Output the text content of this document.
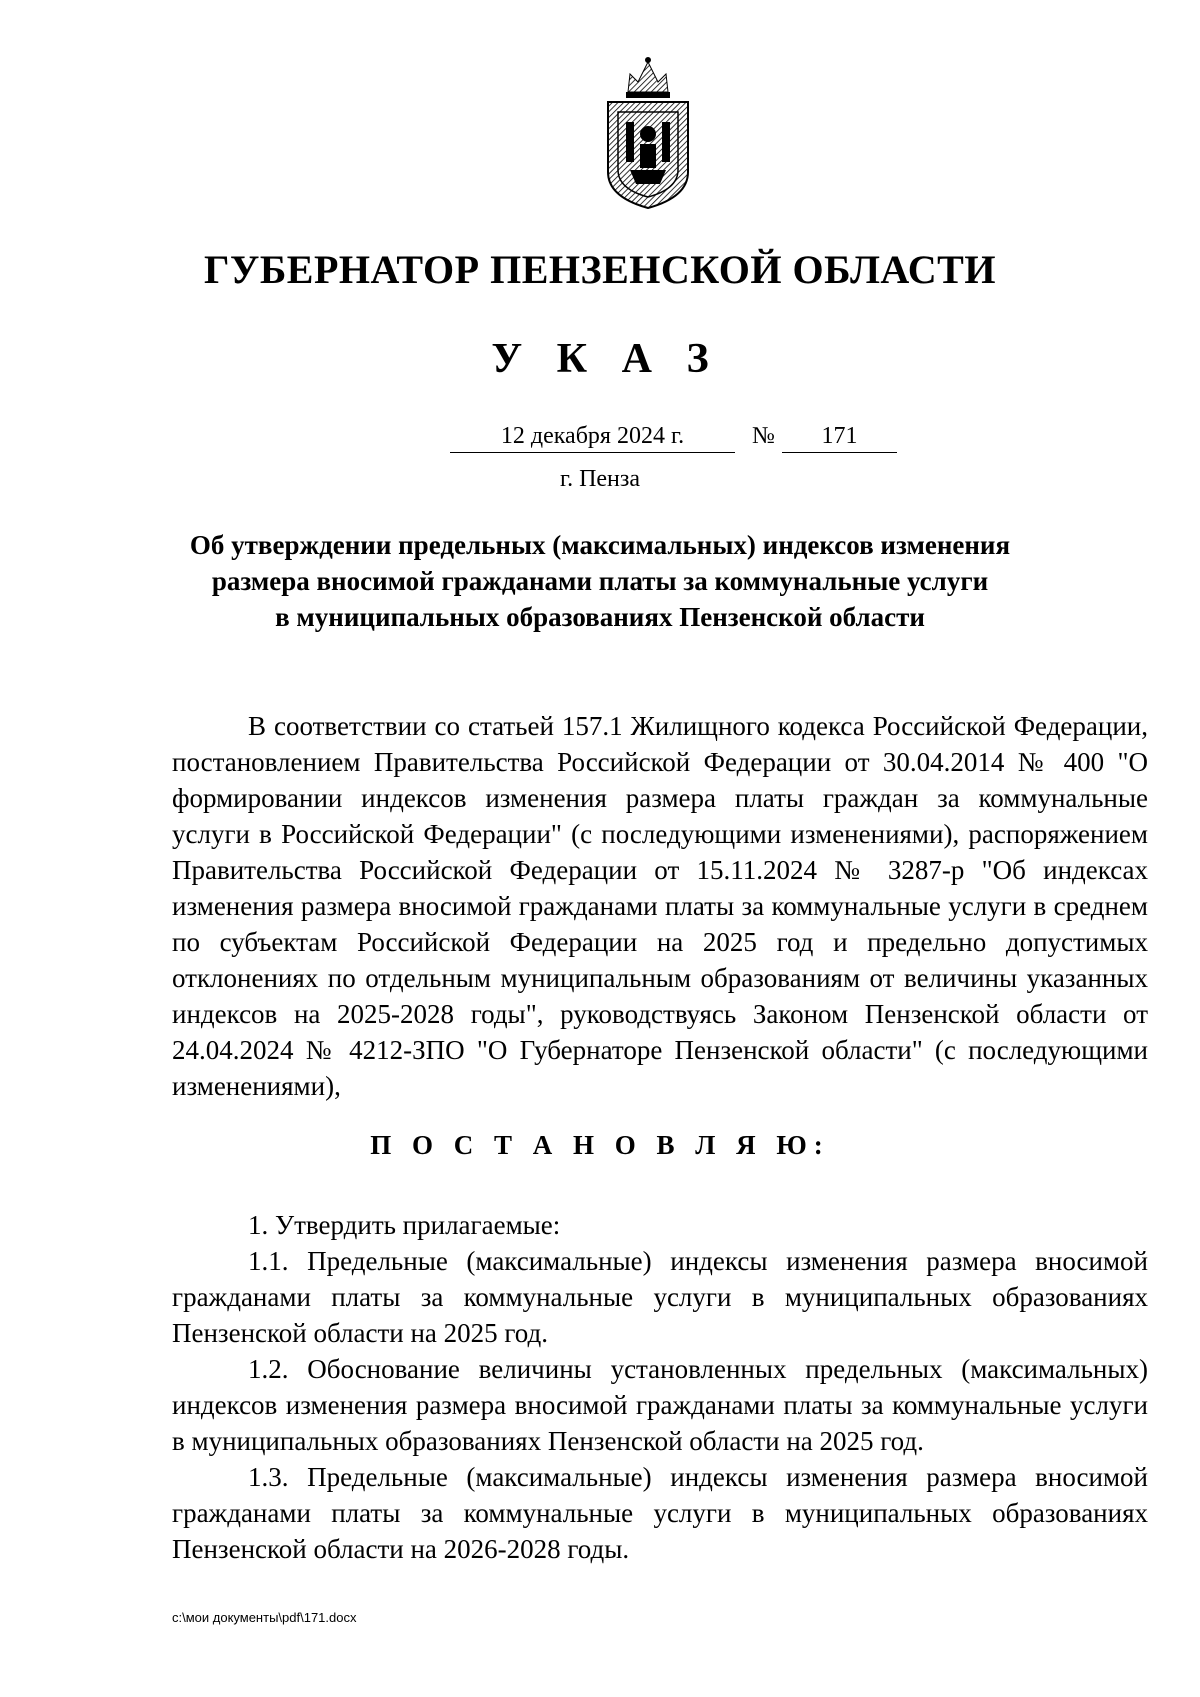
ГУБЕРНАТОР ПЕНЗЕНСКОЙ ОБЛАСТИ
У К А З
12 декабря 2024 г.	№	171
г. Пенза
Об утверждении предельных (максимальных) индексов изменения
размера вносимой гражданами платы за коммунальные услуги
в муниципальных образованиях Пензенской области
В соответствии со статьей 157.1 Жилищного кодекса Российской Федерации, постановлением Правительства Российской Федерации от 30.04.2014 № 400 "О формировании индексов изменения размера платы граждан за коммунальные услуги в Российской Федерации" (с последующими изменениями), распоряжением Правительства Российской Федерации от 15.11.2024 № 3287-р "Об индексах изменения размера вносимой гражданами платы за коммунальные услуги в среднем по субъектам Российской Федерации на 2025 год и предельно допустимых отклонениях по отдельным муниципальным образованиям от величины указанных индексов на 2025-2028 годы", руководствуясь Законом Пензенской области от 24.04.2024 № 4212-ЗПО "О Губернаторе Пензенской области" (с последующими изменениями),
П О С Т А Н О В Л Я Ю:
1. Утвердить прилагаемые:
1.1. Предельные (максимальные) индексы изменения размера вносимой гражданами платы за коммунальные услуги в муниципальных образованиях Пензенской области на 2025 год.
1.2. Обоснование величины установленных предельных (максимальных) индексов изменения размера вносимой гражданами платы за коммунальные услуги в муниципальных образованиях Пензенской области на 2025 год.
1.3. Предельные (максимальные) индексы изменения размера вносимой гражданами платы за коммунальные услуги в муниципальных образованиях Пензенской области на 2026-2028 годы.
c:\мои документы\pdf\171.docx
